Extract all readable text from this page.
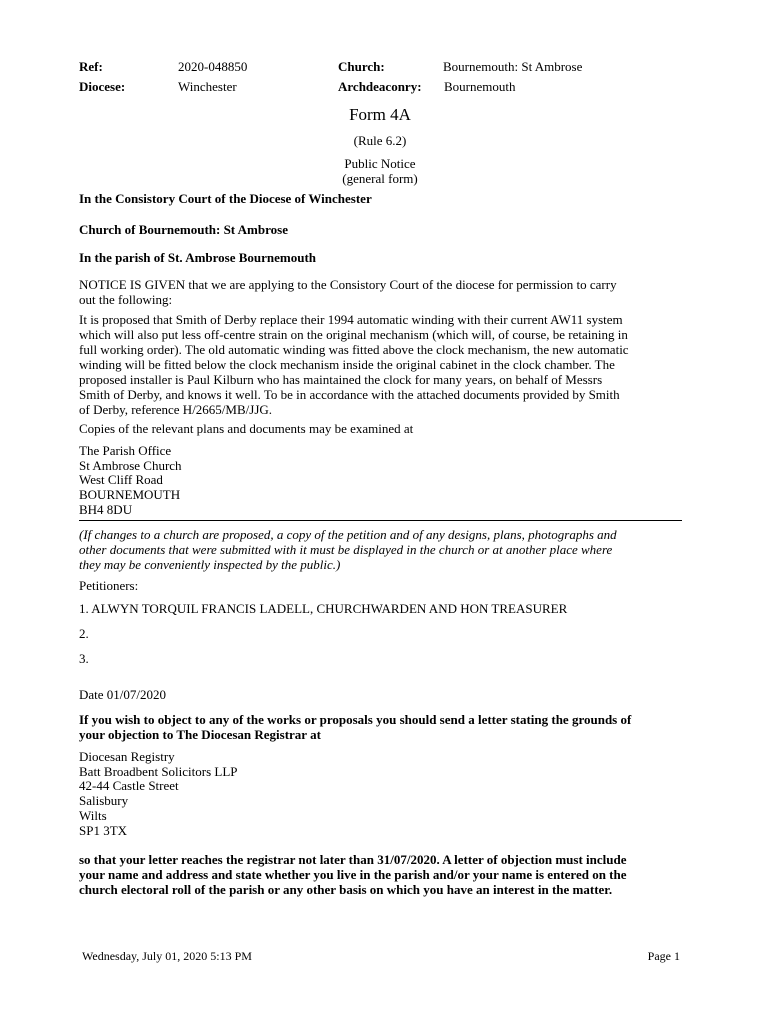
Ref:	2020-048850	Church:	Bournemouth: St Ambrose
Diocese:	Winchester	Archdeaconry: Bournemouth
Form 4A
(Rule 6.2)
Public Notice
(general form)
In the Consistory Court of the Diocese of Winchester
Church of Bournemouth: St Ambrose
In the parish of St. Ambrose Bournemouth
NOTICE IS GIVEN that we are applying to the Consistory Court of the diocese for permission to carry
out the following:
It is proposed that Smith of Derby replace their 1994 automatic winding with their current AW11 system
which will also put less off-centre strain on the original mechanism (which will, of course, be retaining in
full working order). The old automatic winding was fitted above the clock mechanism, the new automatic
winding will be fitted below the clock mechanism inside the original cabinet in the clock chamber. The
proposed installer is Paul Kilburn who has maintained the clock for many years, on behalf of Messrs
Smith of Derby, and knows it well. To be in accordance with the attached documents provided by Smith
of Derby, reference H/2665/MB/JJG.
Copies of the relevant plans and documents may be examined at
The Parish Office
St Ambrose Church
West Cliff Road
BOURNEMOUTH
BH4 8DU
(If changes to a church are proposed, a copy of the petition and of any designs, plans, photographs and
other documents that were submitted with it must be displayed in the church or at another place where
they may be conveniently inspected by the public.)
Petitioners:
1. ALWYN TORQUIL FRANCIS LADELL, CHURCHWARDEN AND HON TREASURER
2.
3.
Date 01/07/2020
If you wish to object to any of the works or proposals you should send a letter stating the grounds of
your objection to The Diocesan Registrar at
Diocesan Registry
Batt Broadbent Solicitors LLP
42-44 Castle Street
Salisbury
Wilts
SP1 3TX
so that your letter reaches the registrar not later than 31/07/2020. A letter of objection must include
your name and address and state whether you live in the parish and/or your name is entered on the
church electoral roll of the parish or any other basis on which you have an interest in the matter.
Wednesday, July 01, 2020 5:13 PM	Page 1
